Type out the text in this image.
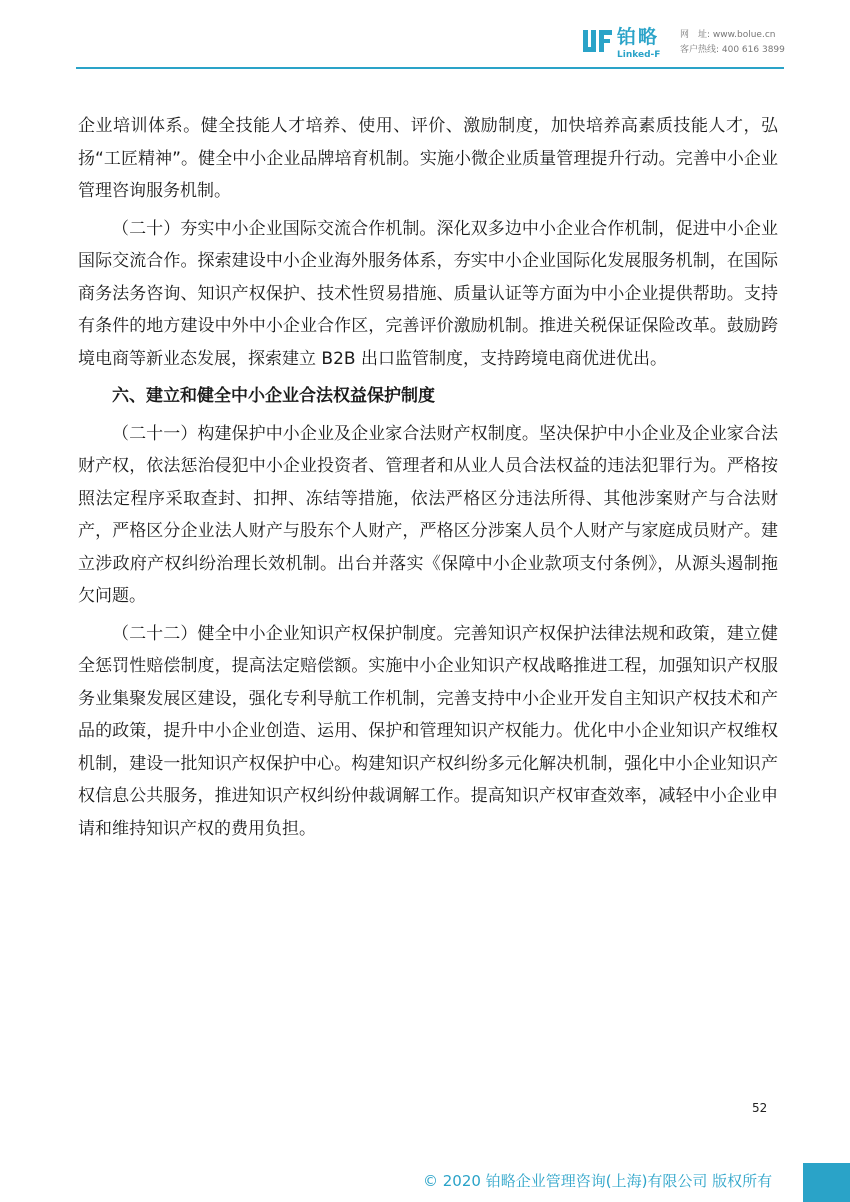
铂略
Linked-F
网　址: www.bolue.cn
客户热线: 400 616 3899

企业培训体系。健全技能人才培养、使用、评价、激励制度，加快培养高素质技能人才，弘扬“工匠精神”。健全中小企业品牌培育机制。实施小微企业质量管理提升行动。完善中小企业管理咨询服务机制。

（二十）夯实中小企业国际交流合作机制。深化双多边中小企业合作机制，促进中小企业国际交流合作。探索建设中小企业海外服务体系，夯实中小企业国际化发展服务机制，在国际商务法务咨询、知识产权保护、技术性贸易措施、质量认证等方面为中小企业提供帮助。支持有条件的地方建设中外中小企业合作区，完善评价激励机制。推进关税保证保险改革。鼓励跨境电商等新业态发展，探索建立 B2B 出口监管制度，支持跨境电商优进优出。

六、建立和健全中小企业合法权益保护制度

（二十一）构建保护中小企业及企业家合法财产权制度。坚决保护中小企业及企业家合法财产权，依法惩治侵犯中小企业投资者、管理者和从业人员合法权益的违法犯罪行为。严格按照法定程序采取查封、扣押、冻结等措施，依法严格区分违法所得、其他涉案财产与合法财产，严格区分企业法人财产与股东个人财产，严格区分涉案人员个人财产与家庭成员财产。建立涉政府产权纠纷治理长效机制。出台并落实《保障中小企业款项支付条例》，从源头遏制拖欠问题。

（二十二）健全中小企业知识产权保护制度。完善知识产权保护法律法规和政策，建立健全惩罚性赔偿制度，提高法定赔偿额。实施中小企业知识产权战略推进工程，加强知识产权服务业集聚发展区建设，强化专利导航工作机制，完善支持中小企业开发自主知识产权技术和产品的政策，提升中小企业创造、运用、保护和管理知识产权能力。优化中小企业知识产权维权机制，建设一批知识产权保护中心。构建知识产权纠纷多元化解决机制，强化中小企业知识产权信息公共服务，推进知识产权纠纷仲裁调解工作。提高知识产权审查效率，减轻中小企业申请和维持知识产权的费用负担。

52
© 2020 铂略企业管理咨询(上海)有限公司 版权所有
